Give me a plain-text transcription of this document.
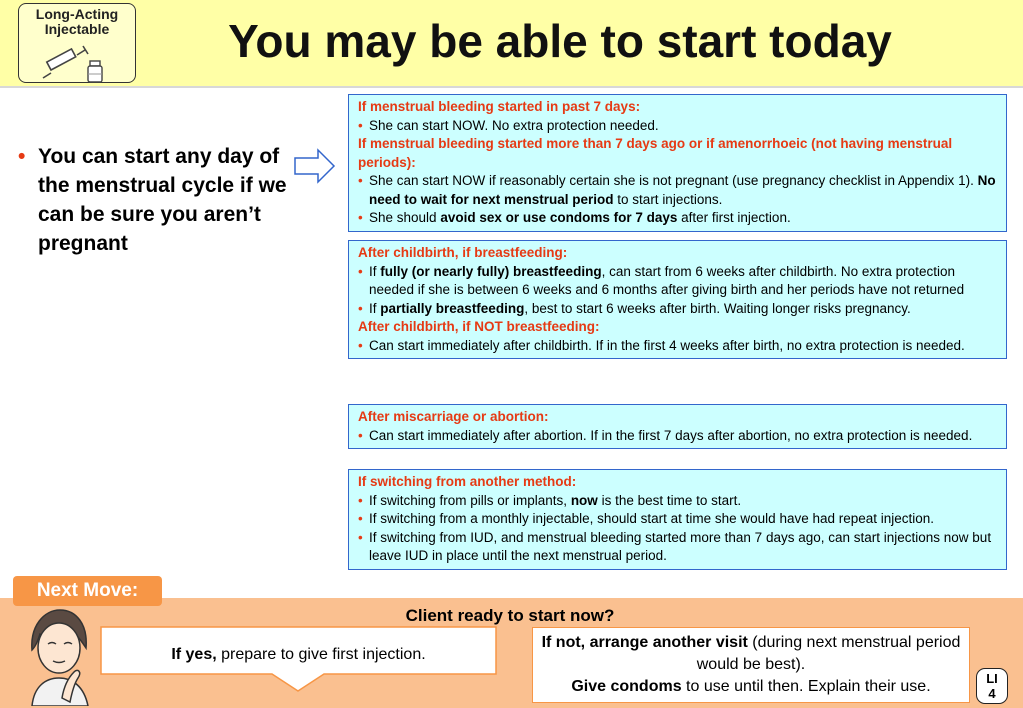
Long-Acting
Injectable	You may be able to start today
• You can start any day of the menstrual cycle if we can be sure you aren’t pregnant
If menstrual bleeding started in past 7 days:
• She can start NOW. No extra protection needed.
If menstrual bleeding started more than 7 days ago or if amenorrhoeic (not having menstrual periods):
• She can start NOW if reasonably certain she is not pregnant (use pregnancy checklist in Appendix 1). No need to wait for next menstrual period to start injections.
• She should avoid sex or use condoms for 7 days after first injection.
After childbirth, if breastfeeding:
• If fully (or nearly fully) breastfeeding, can start from 6 weeks after childbirth. No extra protection needed if she is between 6 weeks and 6 months after giving birth and her periods have not returned
• If partially breastfeeding, best to start 6 weeks after birth. Waiting longer risks pregnancy.
After childbirth, if NOT breastfeeding:
• Can start immediately after childbirth. If in the first 4 weeks after birth, no extra protection is needed.
After miscarriage or abortion:
• Can start immediately after abortion. If in the first 7 days after abortion, no extra protection is needed.
If switching from another method:
• If switching from pills or implants, now is the best time to start.
• If switching from a monthly injectable, should start at time she would have had repeat injection.
• If switching from IUD, and menstrual bleeding started more than 7 days ago, can start injections now but leave IUD in place until the next menstrual period.
Next Move:
Client ready to start now?
If yes, prepare to give first injection.
If not, arrange another visit (during next menstrual period would be best).
Give condoms to use until then. Explain their use.	LI
4
